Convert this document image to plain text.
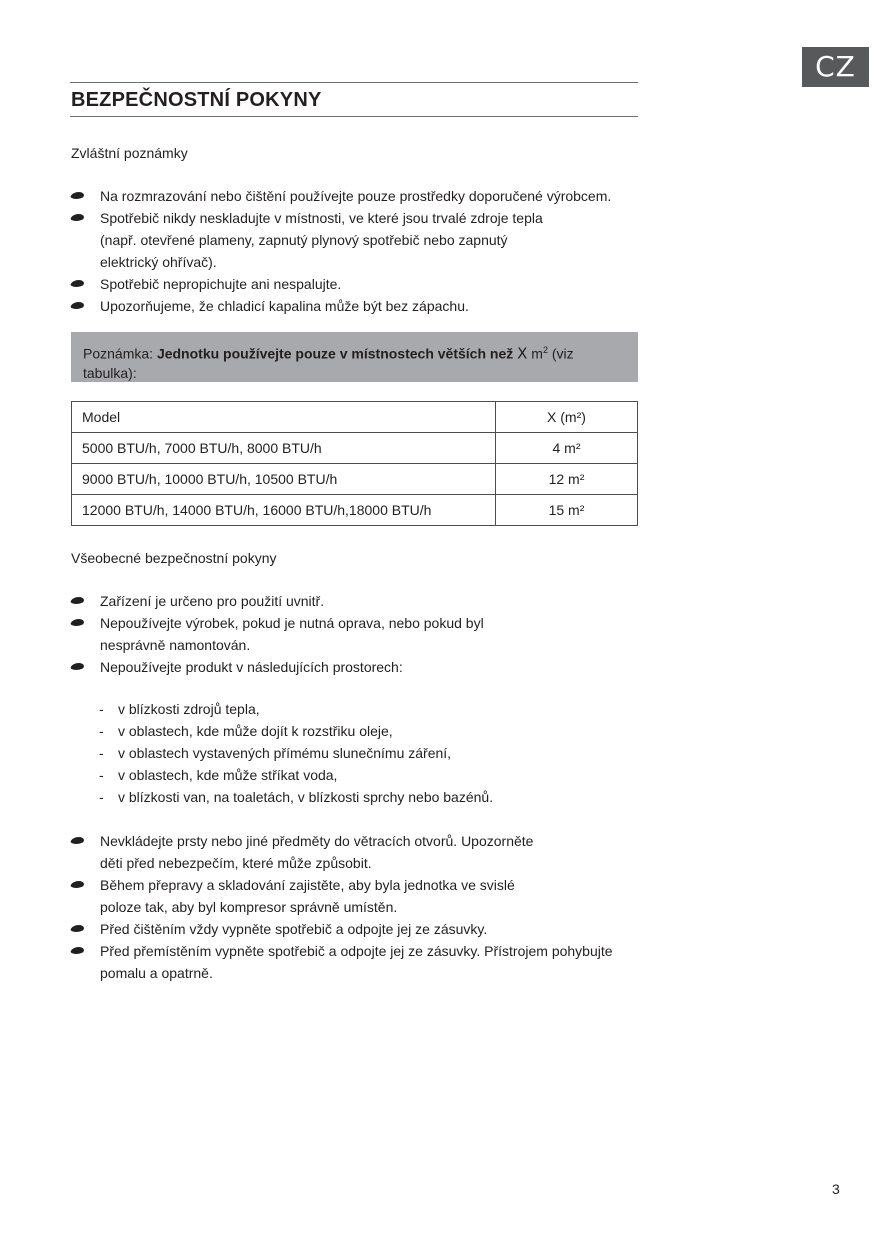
CZ
BEZPEČNOSTNÍ POKYNY
Zvláštní poznámky
Na rozmrazování nebo čištění používejte pouze prostředky doporučené výrobcem.
Spotřebič nikdy neskladujte v místnosti, ve které jsou trvalé zdroje tepla (např. otevřené plameny, zapnutý plynový spotřebič nebo zapnutý elektrický ohřívač).
Spotřebič nepropichujte ani nespalujte.
Upozorňujeme, že chladicí kapalina může být bez zápachu.
Poznámka: Jednotku používejte pouze v místnostech větších než X $m^2$ (viz tabulka):
Model	X (m²)
5000 BTU/h, 7000 BTU/h, 8000 BTU/h	4 m²
9000 BTU/h, 10000 BTU/h, 10500 BTU/h	12 m²
12000 BTU/h, 14000 BTU/h, 16000 BTU/h,18000 BTU/h	15 m²
Všeobecné bezpečnostní pokyny
Zařízení je určeno pro použití uvnitř.
Nepoužívejte výrobek, pokud je nutná oprava, nebo pokud byl nesprávně namontován.
Nepoužívejte produkt v následujících prostorech:
- v blízkosti zdrojů tepla,
- v oblastech, kde může dojít k rozstřiku oleje,
- v oblastech vystavených přímému slunečnímu záření,
- v oblastech, kde může stříkat voda,
- v blízkosti van, na toaletách, v blízkosti sprchy nebo bazénů.
Nevkládejte prsty nebo jiné předměty do větracích otvorů. Upozorněte děti před nebezpečím, které může způsobit.
Během přepravy a skladování zajistěte, aby byla jednotka ve svislé poloze tak, aby byl kompresor správně umístěn.
Před čištěním vždy vypněte spotřebič a odpojte jej ze zásuvky.
Před přemístěním vypněte spotřebič a odpojte jej ze zásuvky. Přístrojem pohybujte pomalu a opatrně.
3
